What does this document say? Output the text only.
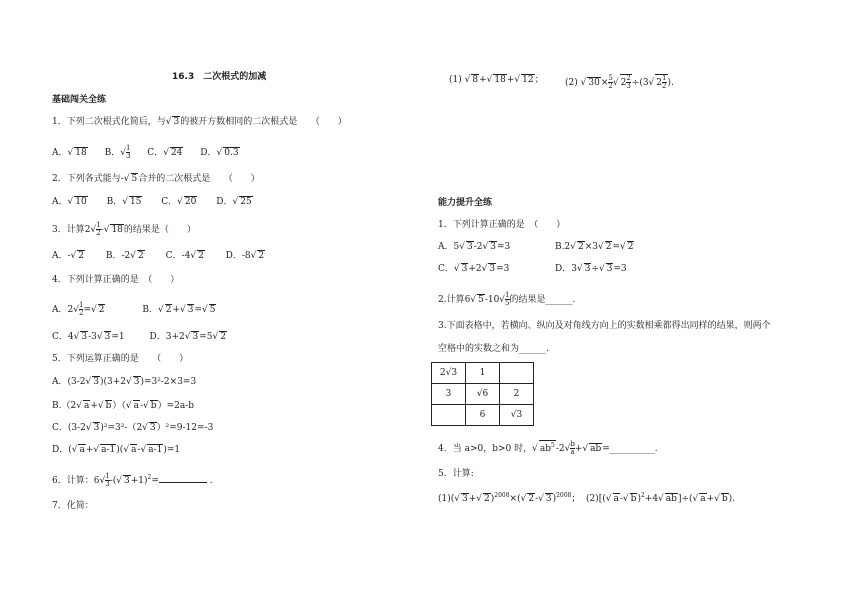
16.3　二次根式的加减
基础闯关全练
1．下列二次根式化简后，与√ 3的被开方数相同的二次根式是　　（　　）
A．√ 18 B．√ $\frac{1}{3}$ C．√ 24 D．√ 0.3
2．下列各式能与-√ 5合并的二次根式是　　（　　）
A．√ 10 B．√ 15 C．√ 20 D．√ 25
3．计算$2√ \frac{1}{2}$ -√ 18的结果是（　　）
A．-√ 2 B．-2√ 2 C．-4√ 2 D．-8√ 2
4．下列计算正确的是　（　　）
A．$2√ \frac{1}{2}$ =√ 2	B．√ 2+√ 3=√ 5
C．4√ 3-3√ 3=1	D．3+2√ 3=5√ 2
5．下列运算正确的是　　（　　）
A．(3-2√ 3)(3+2√ 3)=3²-2×3=3
B.（2√ a+√ b）（√ a-√ b）=2a-b
C．(3-2√ 3)²=3²-（2√ 3）²=9-12=-3
D．(√ a+√ a-1)(√ a-√ a-1)=1
6．计算：$6√ \frac{1}{3}$ -(√ 3+1)$^2$=	.
7．化简：
(1) √ 8+√ 18+√ 12； (2) √ $30\times \frac{5}{2}$ √ $2 \frac{2}{3} \div(3√$ $2 \frac{1}{2}$ ).
能力提升全练
1．下列计算正确的是　（　　）
A．5√ 3-2√ 3=3	B.2√ 2×3√ 2=√ 2
C．√ 3+2√ 3=3	D．3√ 3÷√ 3=3
2.计算6√ $5-10√ \frac{1}{5}$ 的结果是______.
3.下面表格中，若横向、纵向及对角线方向上的实数相乘都得出同样的结果，则两个
空格中的实数之和为______.
2√3	1	
3	√6	2
	6	√3
4．当 a>0，b>0 时，√ $ab^5-2√ \frac{b}{a}$ +√ ab=__________.
5．计算:
(1)(√ 3+√ 2)$^{2008}$×(√ 2-√ 3)$^{2008}$； (2)[(√ a-√ b)$^2$+4√ ab]÷(√ a+√ b).
